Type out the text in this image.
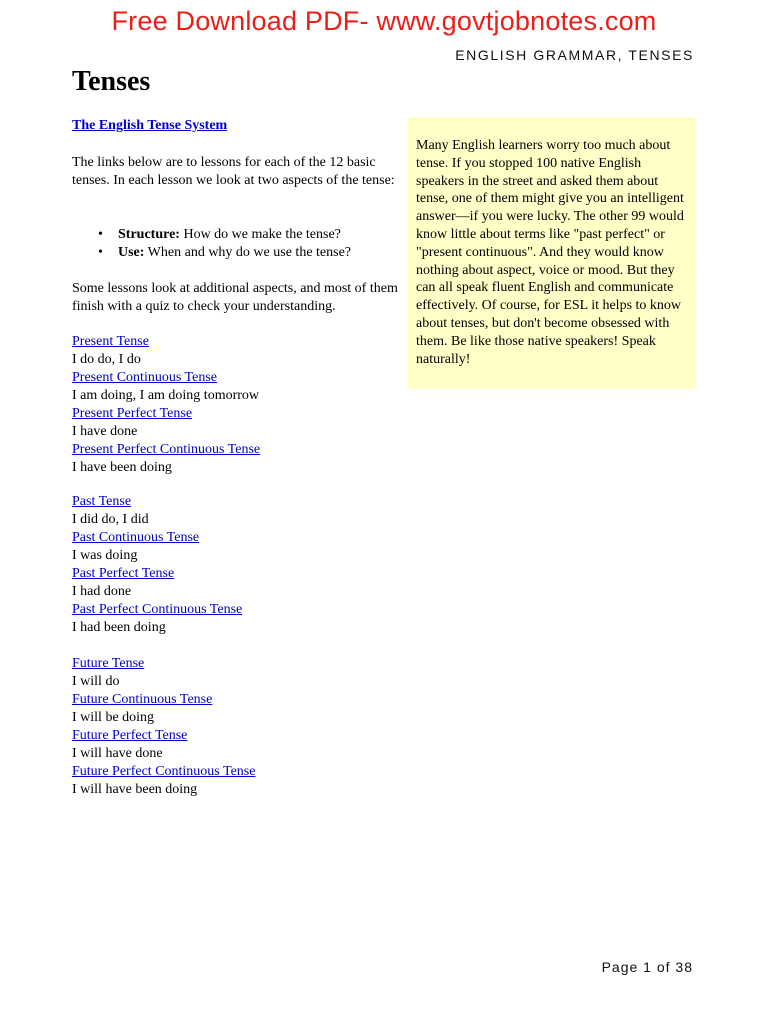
Free Download PDF- www.govtjobnotes.com
ENGLISH GRAMMAR, TENSES
Tenses
The English Tense System

The links below are to lessons for each of the 12 basic tenses. In each lesson we look at two aspects of the tense:

• Structure: How do we make the tense?
• Use: When and why do we use the tense?

Some lessons look at additional aspects, and most of them finish with a quiz to check your understanding.

Present Tense
I do do, I do
Present Continuous Tense
I am doing, I am doing tomorrow
Present Perfect Tense
I have done
Present Perfect Continuous Tense
I have been doing
Past Tense
I did do, I did
Past Continuous Tense
I was doing
Past Perfect Tense
I had done
Past Perfect Continuous Tense
I had been doing
Future Tense
I will do
Future Continuous Tense
I will be doing
Future Perfect Tense
I will have done
Future Perfect Continuous Tense
I will have been doing
Many English learners worry too much about tense. If you stopped 100 native English speakers in the street and asked them about tense, one of them might give you an intelligent answer—if you were lucky. The other 99 would know little about terms like "past perfect" or "present continuous". And they would know nothing about aspect, voice or mood. But they can all speak fluent English and communicate effectively. Of course, for ESL it helps to know about tenses, but don't become obsessed with them. Be like those native speakers! Speak naturally!
Page 1 of 38
